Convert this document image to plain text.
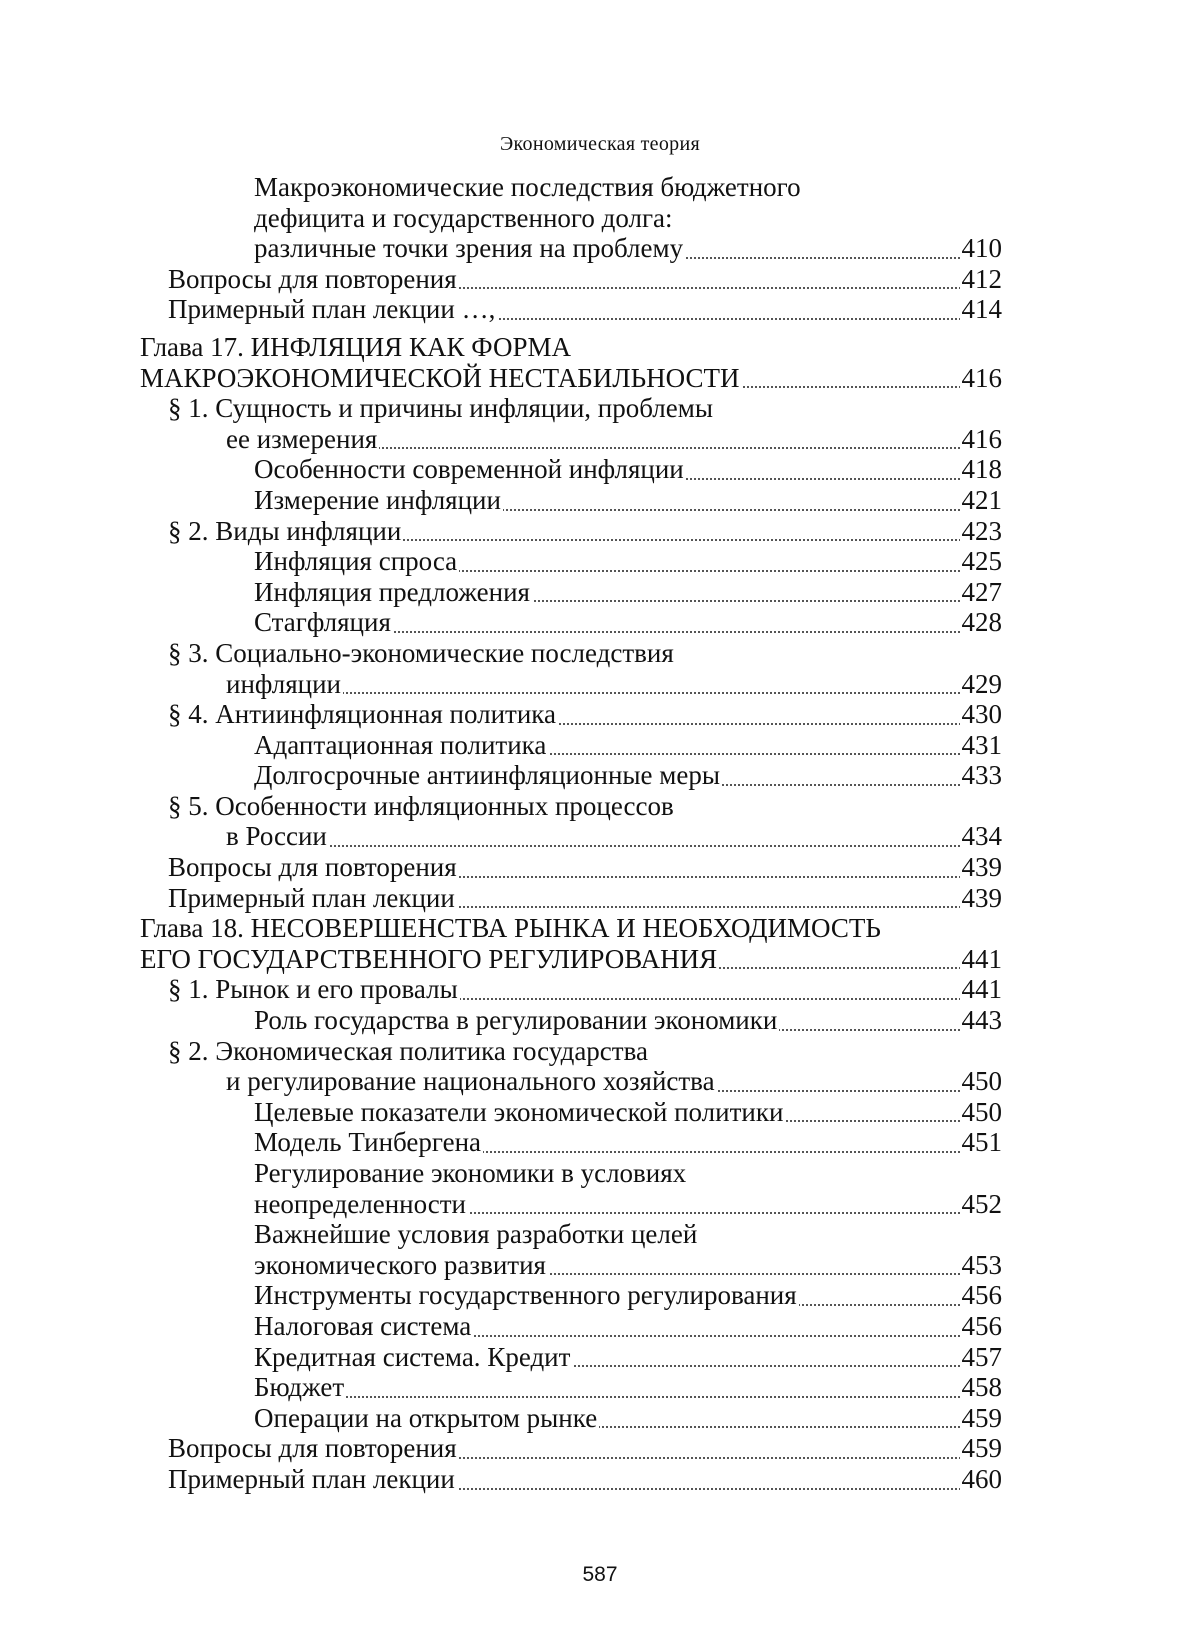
Экономическая теория
Макроэкономические последствия бюджетного
дефицита и государственного долга:
различные точки зрения на проблему	410
Вопросы для повторения	412
Примерный план лекции …,	414
Глава 17. ИНФЛЯЦИЯ КАК ФОРМА
МАКРОЭКОНОМИЧЕСКОЙ НЕСТАБИЛЬНОСТИ	416
§ 1. Сущность и причины инфляции, проблемы
ее измерения	416
Особенности современной инфляции	418
Измерение инфляции	421
§ 2. Виды инфляции	423
Инфляция спроса	425
Инфляция предложения	427
Стагфляция	428
§ 3. Социально-экономические последствия
инфляции	429
§ 4. Антиинфляционная политика	430
Адаптационная политика	431
Долгосрочные антиинфляционные меры	433
§ 5. Особенности инфляционных процессов
в России	434
Вопросы для повторения	439
Примерный план лекции	439
Глава 18. НЕСОВЕРШЕНСТВА РЫНКА И НЕОБХОДИМОСТЬ
ЕГО ГОСУДАРСТВЕННОГО РЕГУЛИРОВАНИЯ	441
§ 1. Рынок и его провалы	441
Роль государства в регулировании экономики	443
§ 2. Экономическая политика государства
и регулирование национального хозяйства	450
Целевые показатели экономической политики	450
Модель Тинбергена	451
Регулирование экономики в условиях
неопределенности	452
Важнейшие условия разработки целей
экономического развития	453
Инструменты государственного регулирования	456
Налоговая система	456
Кредитная система. Кредит	457
Бюджет	458
Операции на открытом рынке	459
Вопросы для повторения	459
Примерный план лекции	460
587
